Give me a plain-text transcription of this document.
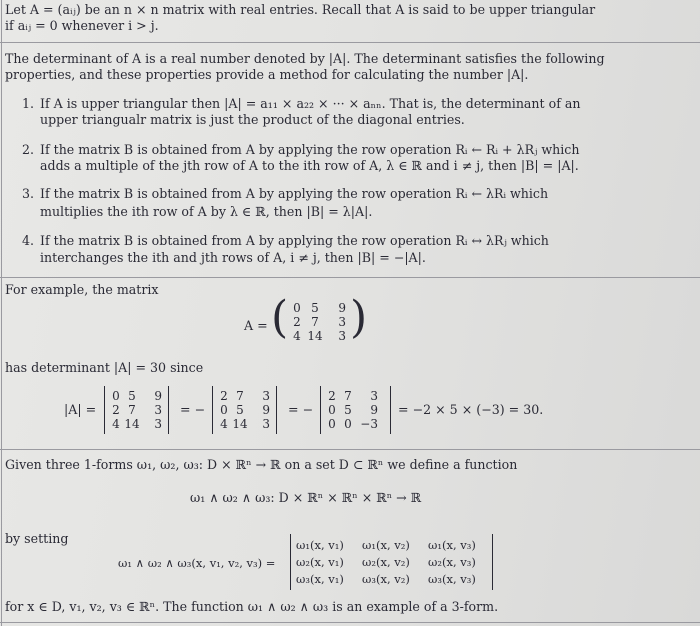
Let A = (aᵢⱼ) be an n × n matrix with real entries. Recall that A is said to be upper triangular
if aᵢⱼ = 0 whenever i > j.
The determinant of A is a real number denoted by |A|. The determinant satisfies the following
properties, and these properties provide a method for calculating the number |A|.
1. If A is upper triangular then |A| = a₁₁ × a₂₂ × ··· × aₙₙ. That is, the determinant of an
upper triangualr matrix is just the product of the diagonal entries.
2. If the matrix B is obtained from A by applying the row operation Rᵢ ← Rᵢ + λRⱼ which
adds a multiple of the jth row of A to the ith row of A, λ ∈ ℝ and i ≠ j, then |B| = |A|.
3. If the matrix B is obtained from A by applying the row operation Rᵢ ← λRᵢ which
multiplies the ith row of A by λ ∈ ℝ, then |B| = λ|A|.
4. If the matrix B is obtained from A by applying the row operation Rᵢ ↔ λRⱼ which
interchanges the ith and jth rows of A, i ≠ j, then |B| = −|A|.
For example, the matrix
A = ( 0 5 9
2 7 3
4 14 3 )
has determinant |A| = 30 since
|A| =
0 5 9
2 7 3
4 14 3
= −
2 7 3
0 5 9
4 14 3
= −
2 7 3
0 5 9
0 0 −3
= −2 × 5 × (−3) = 30.
Given three 1-forms ω₁, ω₂, ω₃: D × ℝⁿ → ℝ on a set D ⊂ ℝⁿ we define a function
ω₁ ∧ ω₂ ∧ ω₃: D × ℝⁿ × ℝⁿ × ℝⁿ → ℝ
by setting
ω₁ ∧ ω₂ ∧ ω₃(x, v₁, v₂, v₃) =
ω₁(x, v₁) ω₁(x, v₂) ω₁(x, v₃)
ω₂(x, v₁) ω₂(x, v₂) ω₂(x, v₃)
ω₃(x, v₁) ω₃(x, v₂) ω₃(x, v₃)
for x ∈ D, v₁, v₂, v₃ ∈ ℝⁿ. The function ω₁ ∧ ω₂ ∧ ω₃ is an example of a 3-form.
